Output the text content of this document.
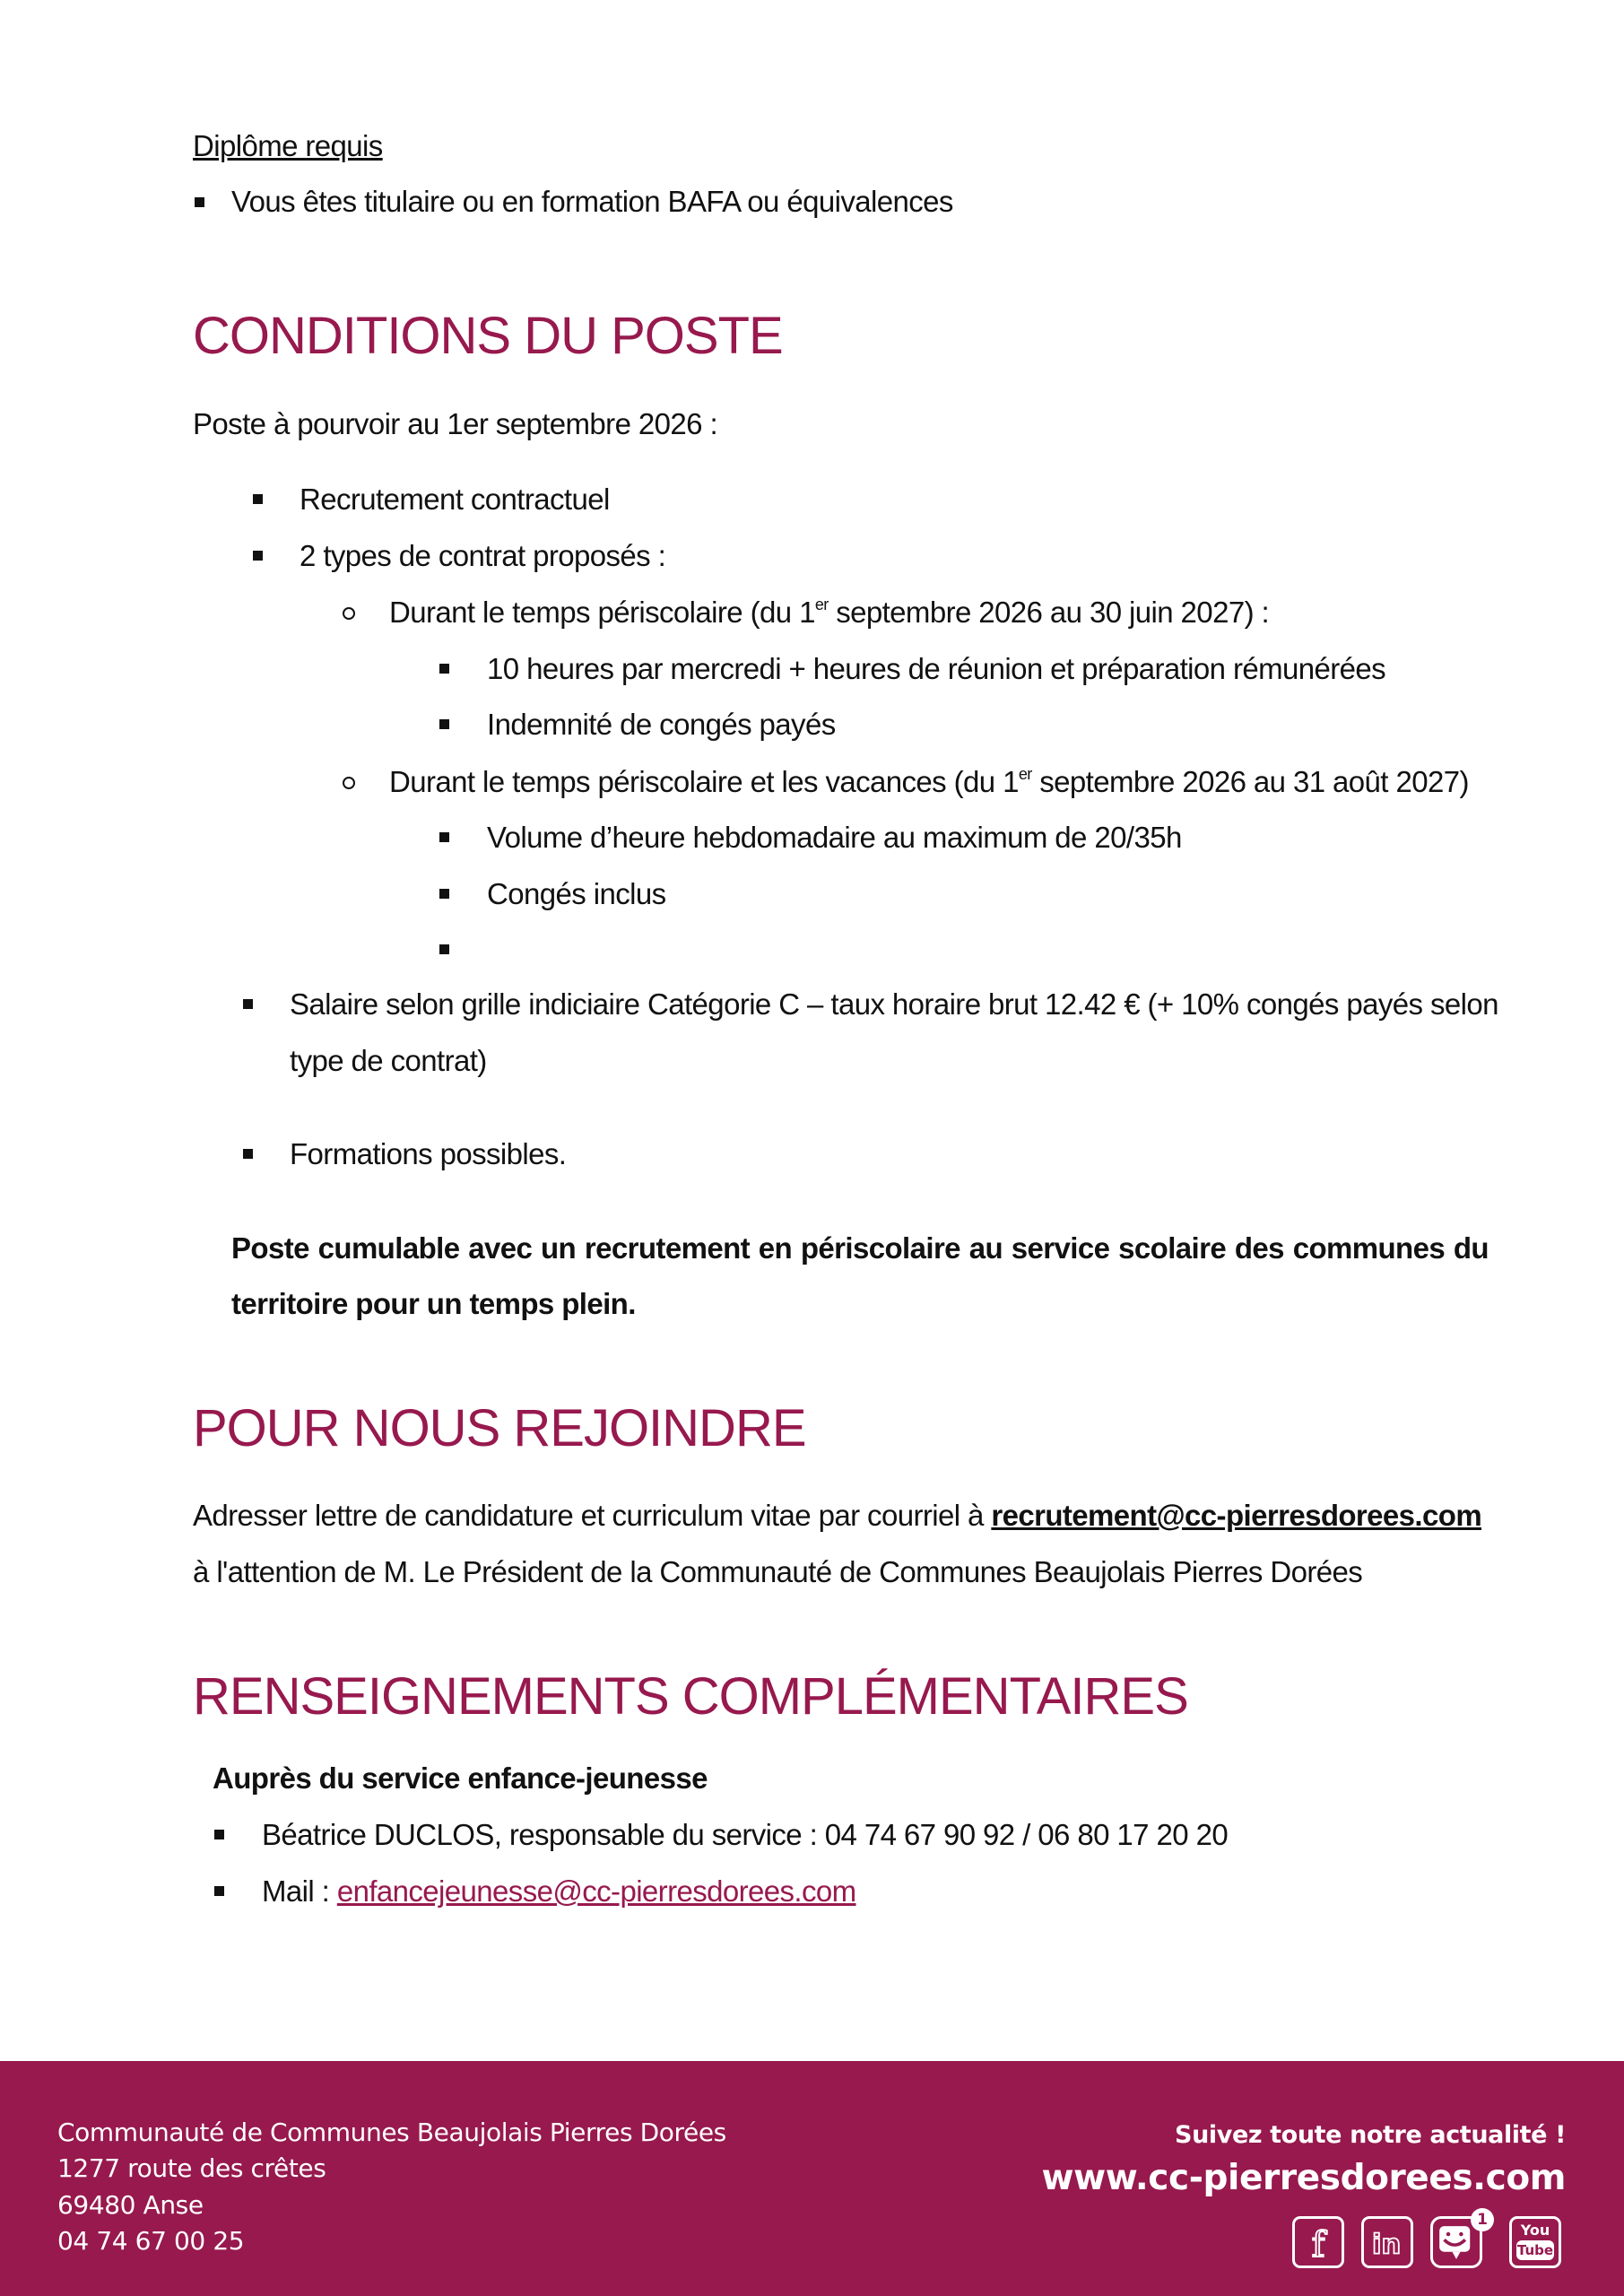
Diplôme requis
Vous êtes titulaire ou en formation BAFA ou équivalences
CONDITIONS DU POSTE
Poste à pourvoir au 1er septembre 2026 :
Recrutement contractuel
2 types de contrat proposés :
Durant le temps périscolaire (du 1er septembre 2026 au 30 juin 2027) :
10 heures par mercredi + heures de réunion et préparation rémunérées
Indemnité de congés payés
Durant le temps périscolaire et les vacances (du 1er septembre 2026 au 31 août 2027)
Volume d’heure hebdomadaire au maximum de 20/35h
Congés inclus
Salaire selon grille indiciaire Catégorie C – taux horaire brut 12.42 € (+ 10% congés payés selon
type de contrat)
Formations possibles.
Poste cumulable avec un recrutement en périscolaire au service scolaire des communes du
territoire pour un temps plein.
POUR NOUS REJOINDRE
Adresser lettre de candidature et curriculum vitae par courriel à recrutement@cc-pierresdorees.com
à l'attention de M. Le Président de la Communauté de Communes Beaujolais Pierres Dorées
RENSEIGNEMENTS COMPLÉMENTAIRES
Auprès du service enfance-jeunesse
Béatrice DUCLOS, responsable du service : 04 74 67 90 92 / 06 80 17 20 20
Mail : enfancejeunesse@cc-pierresdorees.com
Communauté de Communes Beaujolais Pierres Dorées
1277 route des crêtes
69480 Anse
04 74 67 00 25
Suivez toute notre actualité !
www.cc-pierresdorees.com
f in
1
You
Tube
